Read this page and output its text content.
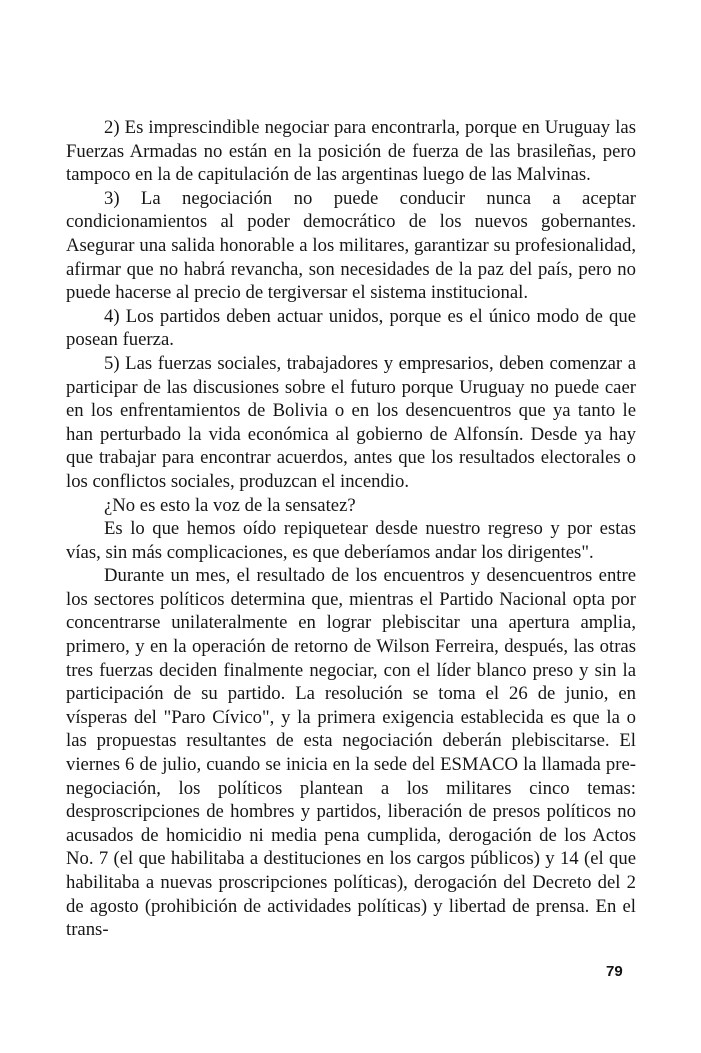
2) Es imprescindible negociar para encontrarla, porque en Uruguay las Fuerzas Armadas no están en la posición de fuerza de las brasileñas, pero tampoco en la de capitulación de las argentinas luego de las Malvinas.

3) La negociación no puede conducir nunca a aceptar condicionamientos al poder democrático de los nuevos gobernantes. Asegurar una salida honorable a los militares, garantizar su profesionalidad, afirmar que no habrá revancha, son necesidades de la paz del país, pero no puede hacerse al precio de tergiversar el sistema institucional.

4) Los partidos deben actuar unidos, porque es el único modo de que posean fuerza.

5) Las fuerzas sociales, trabajadores y empresarios, deben comenzar a participar de las discusiones sobre el futuro porque Uruguay no puede caer en los enfrentamientos de Bolivia o en los desencuentros que ya tanto le han perturbado la vida económica al gobierno de Alfonsín. Desde ya hay que trabajar para encontrar acuerdos, antes que los resultados electorales o los conflictos sociales, produzcan el incendio.

¿No es esto la voz de la sensatez?

Es lo que hemos oído repiquetear desde nuestro regreso y por estas vías, sin más complicaciones, es que deberíamos andar los dirigentes".

Durante un mes, el resultado de los encuentros y desencuentros entre los sectores políticos determina que, mientras el Partido Nacional opta por concentrarse unilateralmente en lograr plebiscitar una apertura amplia, primero, y en la operación de retorno de Wilson Ferreira, después, las otras tres fuerzas deciden finalmente negociar, con el líder blanco preso y sin la participación de su partido. La resolución se toma el 26 de junio, en vísperas del "Paro Cívico", y la primera exigencia establecida es que la o las propuestas resultantes de esta negociación deberán plebiscitarse. El viernes 6 de julio, cuando se inicia en la sede del ESMACO la llamada pre-negociación, los políticos plantean a los militares cinco temas: desproscripciones de hombres y partidos, liberación de presos políticos no acusados de homicidio ni media pena cumplida, derogación de los Actos No. 7 (el que habilitaba a destituciones en los cargos públicos) y 14 (el que habilitaba a nuevas proscripciones políticas), derogación del Decreto del 2 de agosto (prohibición de actividades políticas) y libertad de prensa. En el trans-

79
